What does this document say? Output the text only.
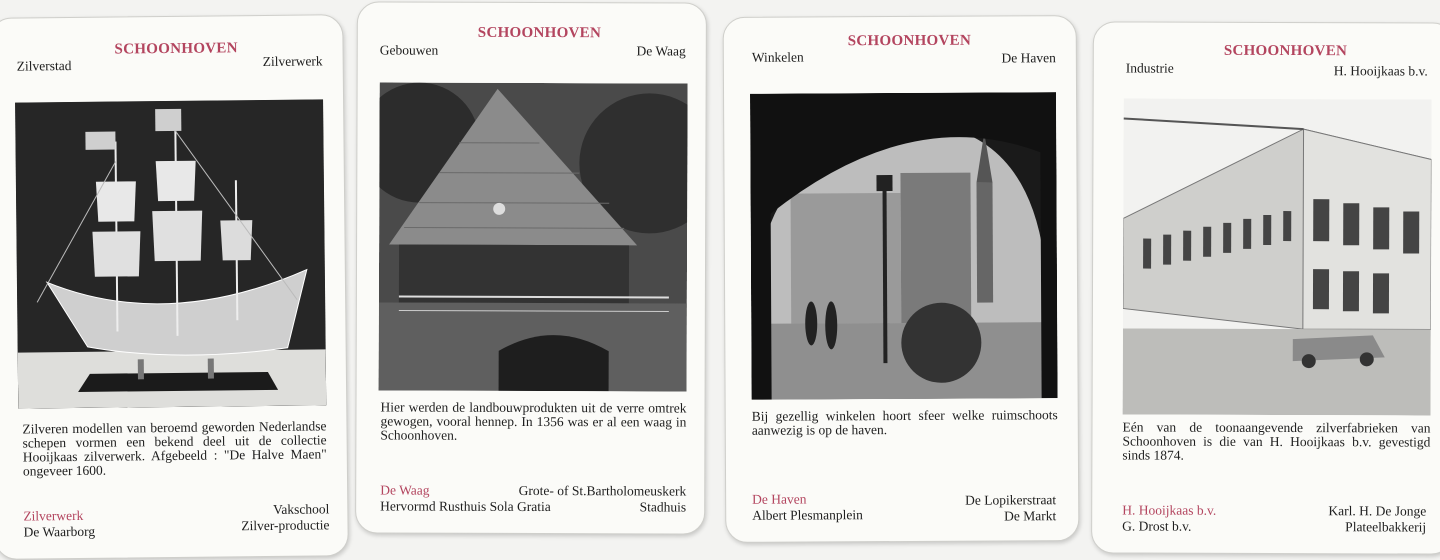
SCHOONHOVEN
Zilverstad	Zilverwerk
Zilveren modellen van beroemd geworden Nederlandse schepen vormen een bekend deel uit de collectie Hooijkaas zilverwerk. Afgebeeld : "De Halve Maen" ongeveer 1600.
Zilverwerk
De Waarborg
Vakschool
Zilver-productie
SCHOONHOVEN
Gebouwen	De Waag
Hier werden de landbouwprodukten uit de verre omtrek gewogen, vooral hennep. In 1356 was er al een waag in Schoonhoven.
De Waag
Hervormd Rusthuis Sola Gratia
Grote- of St.Bartholomeuskerk
Stadhuis
SCHOONHOVEN
Winkelen	De Haven
Bij gezellig winkelen hoort sfeer welke ruimschoots aanwezig is op de haven.
De Haven
Albert Plesmanplein
De Lopikerstraat
De Markt
SCHOONHOVEN
Industrie	H. Hooijkaas b.v.
Eén van de toonaangevende zilverfabrieken van Schoonhoven is die van H. Hooijkaas b.v. gevestigd sinds 1874.
H. Hooijkaas b.v.
G. Drost b.v.
Karl. H. De Jonge
Plateelbakkerij
